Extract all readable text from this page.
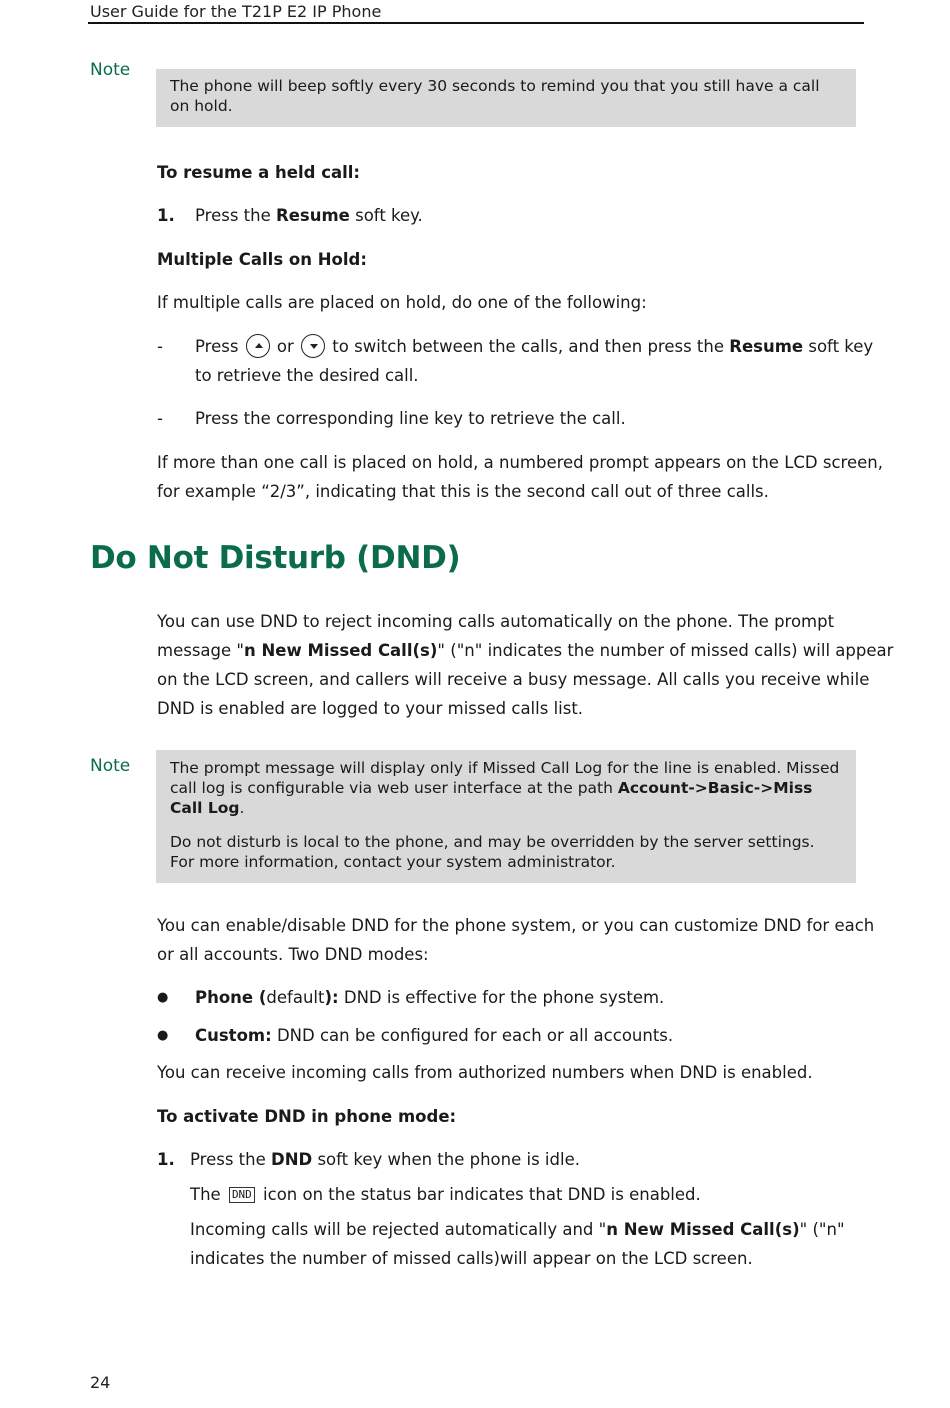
User Guide for the T21P E2 IP Phone
Note

The phone will beep softly every 30 seconds to remind you that you still have a call on hold.

To resume a held call:
1. Press the Resume soft key.
Multiple Calls on Hold:
If multiple calls are placed on hold, do one of the following:
- Press  or  to switch between the calls, and then press the Resume soft key
to retrieve the desired call.
- Press the corresponding line key to retrieve the call.
If more than one call is placed on hold, a numbered prompt appears on the LCD screen,
for example “2/3”, indicating that this is the second call out of three calls.
Do Not Disturb (DND)
You can use DND to reject incoming calls automatically on the phone. The prompt
message "n New Missed Call(s)" ("n" indicates the number of missed calls) will appear
on the LCD screen, and callers will receive a busy message. All calls you receive while
DND is enabled are logged to your missed calls list.
Note	The prompt message will display only if Missed Call Log for the line is enabled. Missed call log is configurable via web user interface at the path Account->Basic->Miss Call Log.

Do not disturb is local to the phone, and may be overridden by the server settings. For more information, contact your system administrator.

You can enable/disable DND for the phone system, or you can customize DND for each
or all accounts. Two DND modes:
● Phone (default): DND is effective for the phone system.
● Custom: DND can be configured for each or all accounts.
You can receive incoming calls from authorized numbers when DND is enabled.
To activate DND in phone mode:
1. Press the DND soft key when the phone is idle.
The DND icon on the status bar indicates that DND is enabled.
Incoming calls will be rejected automatically and "n New Missed Call(s)" ("n"
indicates the number of missed calls)will appear on the LCD screen.
24
